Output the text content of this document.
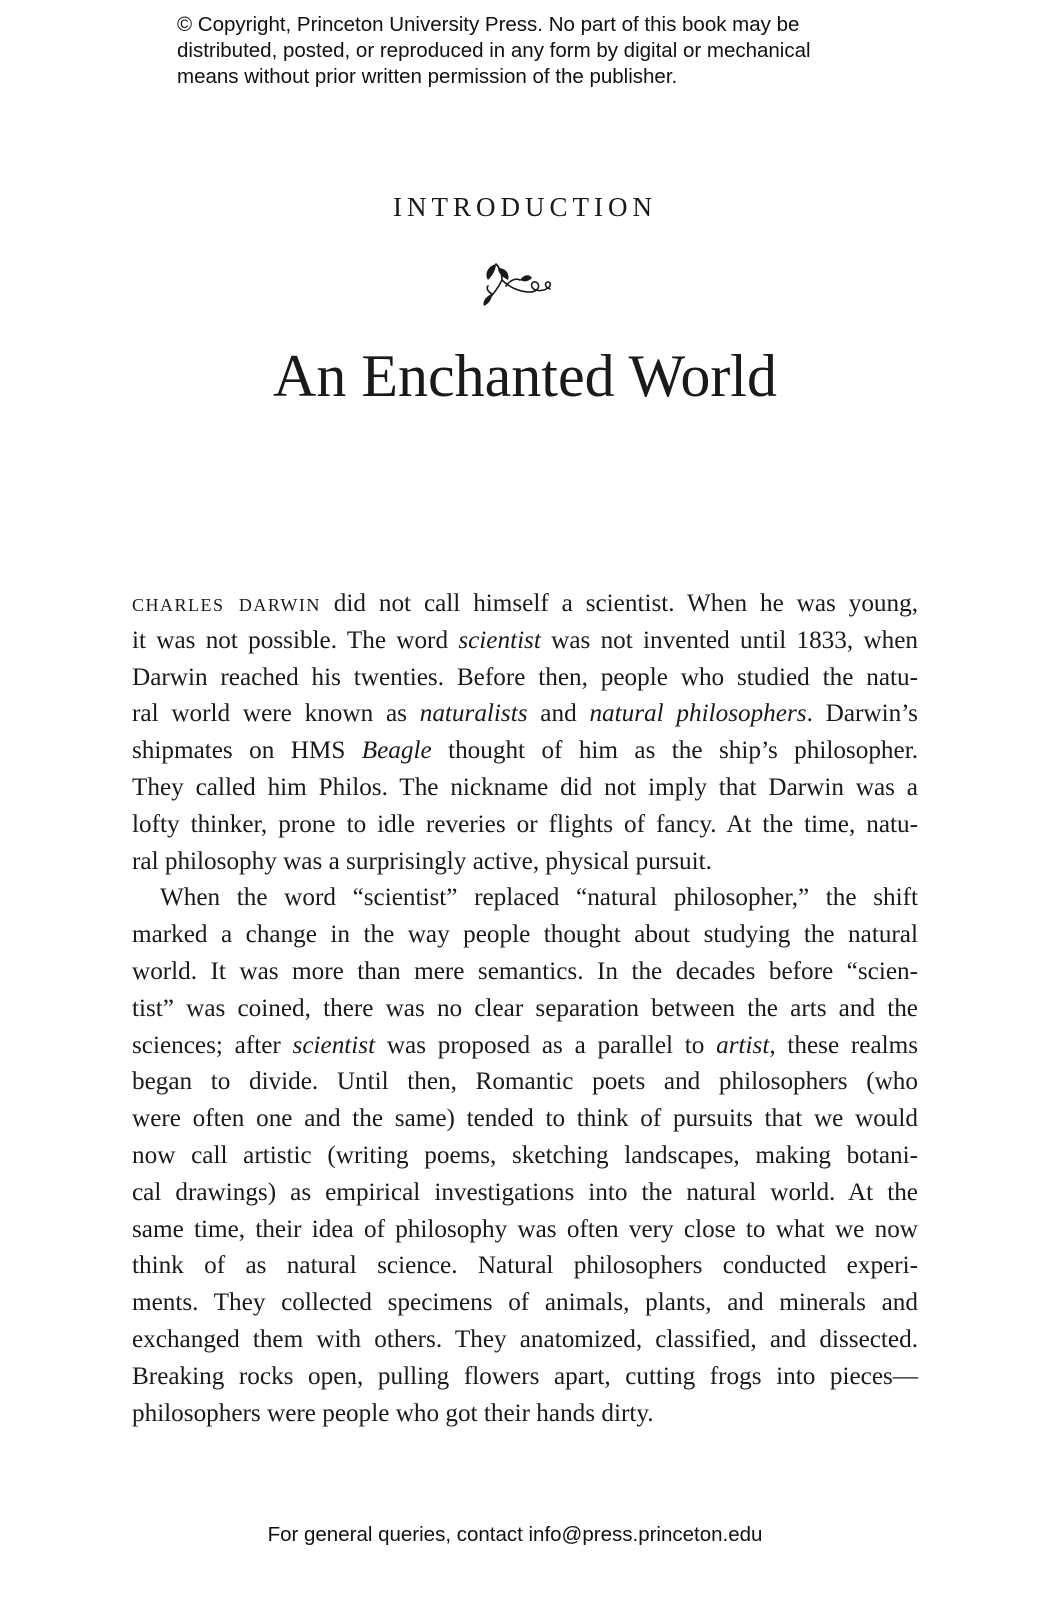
© Copyright, Princeton University Press. No part of this book may be
distributed, posted, or reproduced in any form by digital or mechanical
means without prior written permission of the publisher.
INTRODUCTION
An Enchanted World
charles darwin did not call himself a scientist. When he was young,
it was not possible. The word scientist was not invented until 1833, when
Darwin reached his twenties. Before then, people who studied the natu-
ral world were known as naturalists and natural philosophers. Darwin’s
shipmates on HMS Beagle thought of him as the ship’s philosopher.
They called him Philos. The nickname did not imply that Darwin was a
lofty thinker, prone to idle reveries or flights of fancy. At the time, natu-
ral philosophy was a surprisingly active, physical pursuit.
When the word “scientist” replaced “natural philosopher,” the shift
marked a change in the way people thought about studying the natural
world. It was more than mere semantics. In the decades before “scien-
tist” was coined, there was no clear separation between the arts and the
sciences; after scientist was proposed as a parallel to artist, these realms
began to divide. Until then, Romantic poets and philosophers (who
were often one and the same) tended to think of pursuits that we would
now call artistic (writing poems, sketching landscapes, making botani-
cal drawings) as empirical investigations into the natural world. At the
same time, their idea of philosophy was often very close to what we now
think of as natural science. Natural philosophers conducted experi-
ments. They collected specimens of animals, plants, and minerals and
exchanged them with others. They anatomized, classified, and dissected.
Breaking rocks open, pulling flowers apart, cutting frogs into pieces—
philosophers were people who got their hands dirty.
For general queries, contact info@press.princeton.edu
